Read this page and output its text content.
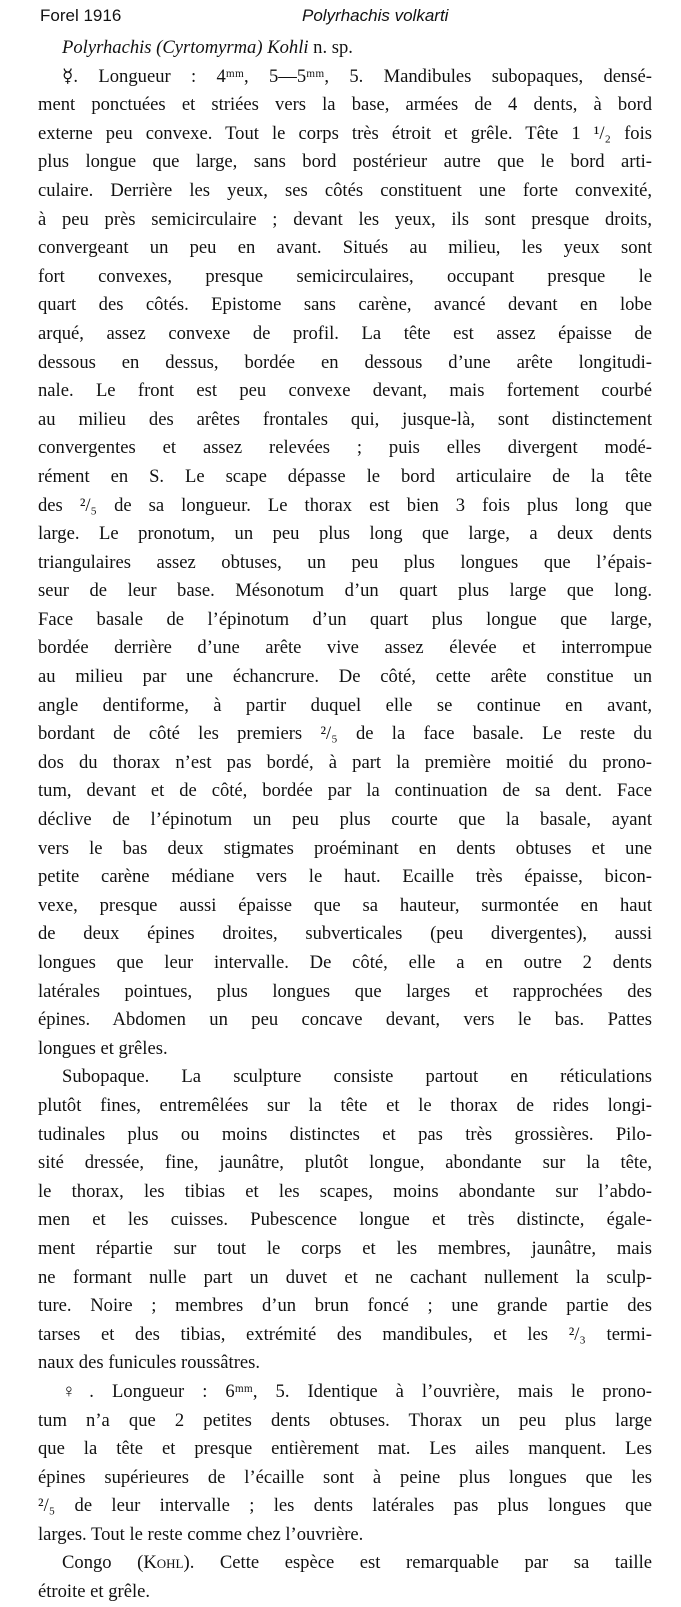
Forel 1916	Polyrhachis volkarti
Polyrhachis (Cyrtomyrma) Kohli n. sp.
☿. Longueur : 4ᵐᵐ, 5—5ᵐᵐ, 5. Mandibules subopaques, densé-
ment ponctuées et striées vers la base, armées de 4 dents, à bord
externe peu convexe. Tout le corps très étroit et grêle. Tête 1 ¹/₂ fois
plus longue que large, sans bord postérieur autre que le bord arti-
culaire. Derrière les yeux, ses côtés constituent une forte convexité,
à peu près semicirculaire ; devant les yeux, ils sont presque droits,
convergeant un peu en avant. Situés au milieu, les yeux sont
fort convexes, presque semicirculaires, occupant presque le
quart des côtés. Epistome sans carène, avancé devant en lobe
arqué, assez convexe de profil. La tête est assez épaisse de
dessous en dessus, bordée en dessous d’une arête longitudi-
nale. Le front est peu convexe devant, mais fortement courbé
au milieu des arêtes frontales qui, jusque-là, sont distinctement
convergentes et assez relevées ; puis elles divergent modé-
rément en S. Le scape dépasse le bord articulaire de la tête
des ²/₅ de sa longueur. Le thorax est bien 3 fois plus long que
large. Le pronotum, un peu plus long que large, a deux dents
triangulaires assez obtuses, un peu plus longues que l’épais-
seur de leur base. Mésonotum d’un quart plus large que long.
Face basale de l’épinotum d’un quart plus longue que large,
bordée derrière d’une arête vive assez élevée et interrompue
au milieu par une échancrure. De côté, cette arête constitue un
angle dentiforme, à partir duquel elle se continue en avant,
bordant de côté les premiers ²/₅ de la face basale. Le reste du
dos du thorax n’est pas bordé, à part la première moitié du prono-
tum, devant et de côté, bordée par la continuation de sa dent. Face
déclive de l’épinotum un peu plus courte que la basale, ayant
vers le bas deux stigmates proéminant en dents obtuses et une
petite carène médiane vers le haut. Ecaille très épaisse, bicon-
vexe, presque aussi épaisse que sa hauteur, surmontée en haut
de deux épines droites, subverticales (peu divergentes), aussi
longues que leur intervalle. De côté, elle a en outre 2 dents
latérales pointues, plus longues que larges et rapprochées des
épines. Abdomen un peu concave devant, vers le bas. Pattes
longues et grêles.
Subopaque. La sculpture consiste partout en réticulations
plutôt fines, entremêlées sur la tête et le thorax de rides longi-
tudinales plus ou moins distinctes et pas très grossières. Pilo-
sité dressée, fine, jaunâtre, plutôt longue, abondante sur la tête,
le thorax, les tibias et les scapes, moins abondante sur l’abdo-
men et les cuisses. Pubescence longue et très distincte, égale-
ment répartie sur tout le corps et les membres, jaunâtre, mais
ne formant nulle part un duvet et ne cachant nullement la sculp-
ture. Noire ; membres d’un brun foncé ; une grande partie des
tarses et des tibias, extrémité des mandibules, et les ²/₃ termi-
naux des funicules roussâtres.
♀. Longueur : 6ᵐᵐ, 5. Identique à l’ouvrière, mais le prono-
tum n’a que 2 petites dents obtuses. Thorax un peu plus large
que la tête et presque entièrement mat. Les ailes manquent. Les
épines supérieures de l’écaille sont à peine plus longues que les
²/₅ de leur intervalle ; les dents latérales pas plus longues que
larges. Tout le reste comme chez l’ouvrière.
Congo (Kohl). Cette espèce est remarquable par sa taille
étroite et grêle.
